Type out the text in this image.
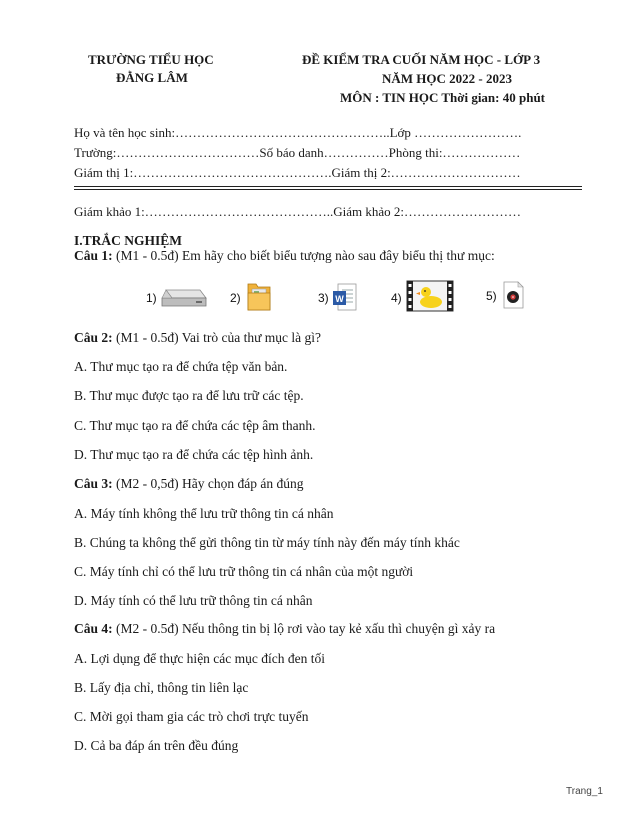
TRƯỜNG TIỂU HỌC
ĐẰNG LÂM
ĐỀ KIỂM TRA CUỐI NĂM HỌC - LỚP 3
NĂM HỌC 2022 - 2023
MÔN : TIN HỌC Thời gian: 40 phút
Họ và tên học sinh:…………………………………………..Lớp …………………….
Trường:……………………………Số báo danh……………Phòng thi:………………
Giám thị 1:……………………………………….Giám thị 2:…………………………
Giám khảo 1:……………………………………..Giám khảo 2:………………………
I.TRẮC NGHIỆM
Câu 1: (M1 - 0.5đ) Em hãy cho biết biểu tượng nào sau đây biểu thị thư mục:
1)	2)	3) W	4)	5)
Câu 2: (M1 - 0.5đ) Vai trò của thư mục là gì?
A. Thư mục tạo ra để chứa tệp văn bản.
B. Thư mục được tạo ra để lưu trữ các tệp.
C. Thư mục tạo ra để chứa các tệp âm thanh.
D. Thư mục tạo ra để chứa các tệp hình ảnh.
Câu 3: (M2 - 0,5đ) Hãy chọn đáp án đúng
A. Máy tính không thể lưu trữ thông tin cá nhân
B. Chúng ta không thể gửi thông tin từ máy tính này đến máy tính khác
C. Máy tính chỉ có thể lưu trữ thông tin cá nhân của một người
D. Máy tính có thể lưu trữ thông tin cá nhân
Câu 4: (M2 - 0.5đ) Nếu thông tin bị lộ rơi vào tay kẻ xấu thì chuyện gì xảy ra
A. Lợi dụng để thực hiện các mục đích đen tối
B. Lấy địa chỉ, thông tin liên lạc
C. Mời gọi tham gia các trò chơi trực tuyến
D. Cả ba đáp án trên đều đúng
Trang_1
